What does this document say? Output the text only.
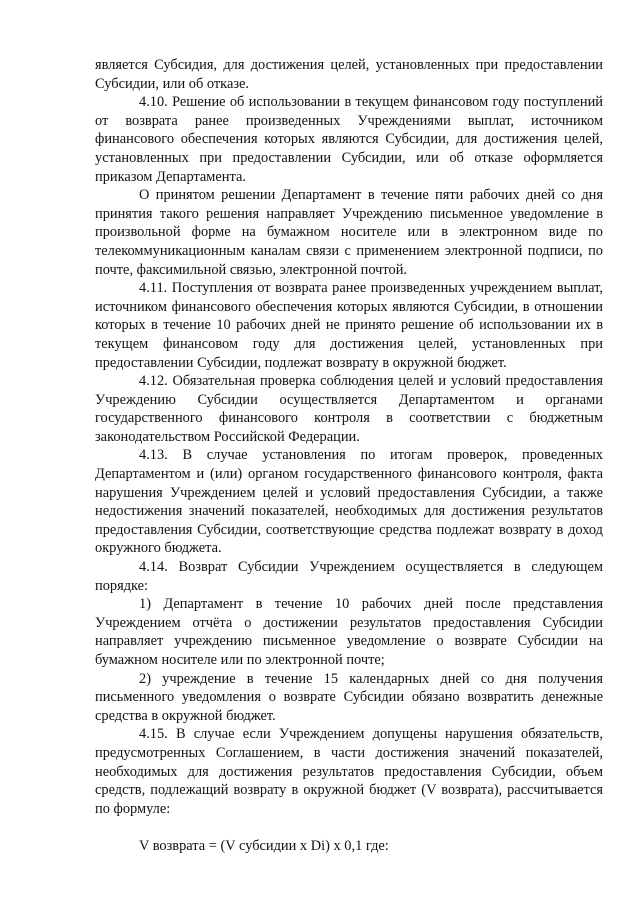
является Субсидия, для достижения целей, установленных при предоставлении Субсидии, или об отказе.

4.10. Решение об использовании в текущем финансовом году поступлений от возврата ранее произведенных Учреждениями выплат, источником финансового обеспечения которых являются Субсидии, для достижения целей, установленных при предоставлении Субсидии, или об отказе оформляется приказом Департамента.

О принятом решении Департамент в течение пяти рабочих дней со дня принятия такого решения направляет Учреждению письменное уведомление в произвольной форме на бумажном носителе или в электронном виде по телекоммуникационным каналам связи с применением электронной подписи, по почте, факсимильной связью, электронной почтой.

4.11. Поступления от возврата ранее произведенных учреждением выплат, источником финансового обеспечения которых являются Субсидии, в отношении которых в течение 10 рабочих дней не принято решение об использовании их в текущем финансовом году для достижения целей, установленных при предоставлении Субсидии, подлежат возврату в окружной бюджет.

4.12. Обязательная проверка соблюдения целей и условий предоставления Учреждению Субсидии осуществляется Департаментом и органами государственного финансового контроля в соответствии с бюджетным законодательством Российской Федерации.

4.13. В случае установления по итогам проверок, проведенных Департаментом и (или) органом государственного финансового контроля, факта нарушения Учреждением целей и условий предоставления Субсидии, а также недостижения значений показателей, необходимых для достижения результатов предоставления Субсидии, соответствующие средства подлежат возврату в доход окружного бюджета.

4.14. Возврат Субсидии Учреждением осуществляется в следующем порядке:

1) Департамент в течение 10 рабочих дней после представления Учреждением отчёта о достижении результатов предоставления Субсидии направляет учреждению письменное уведомление о возврате Субсидии на бумажном носителе или по электронной почте;

2) учреждение в течение 15 календарных дней со дня получения письменного уведомления о возврате Субсидии обязано возвратить денежные средства в окружной бюджет.

4.15. В случае если Учреждением допущены нарушения обязательств, предусмотренных Соглашением, в части достижения значений показателей, необходимых для достижения результатов предоставления Субсидии, объем средств, подлежащий возврату в окружной бюджет (V возврата), рассчитывается по формуле:

V возврата = (V субсидии x Di) x 0,1 где:
